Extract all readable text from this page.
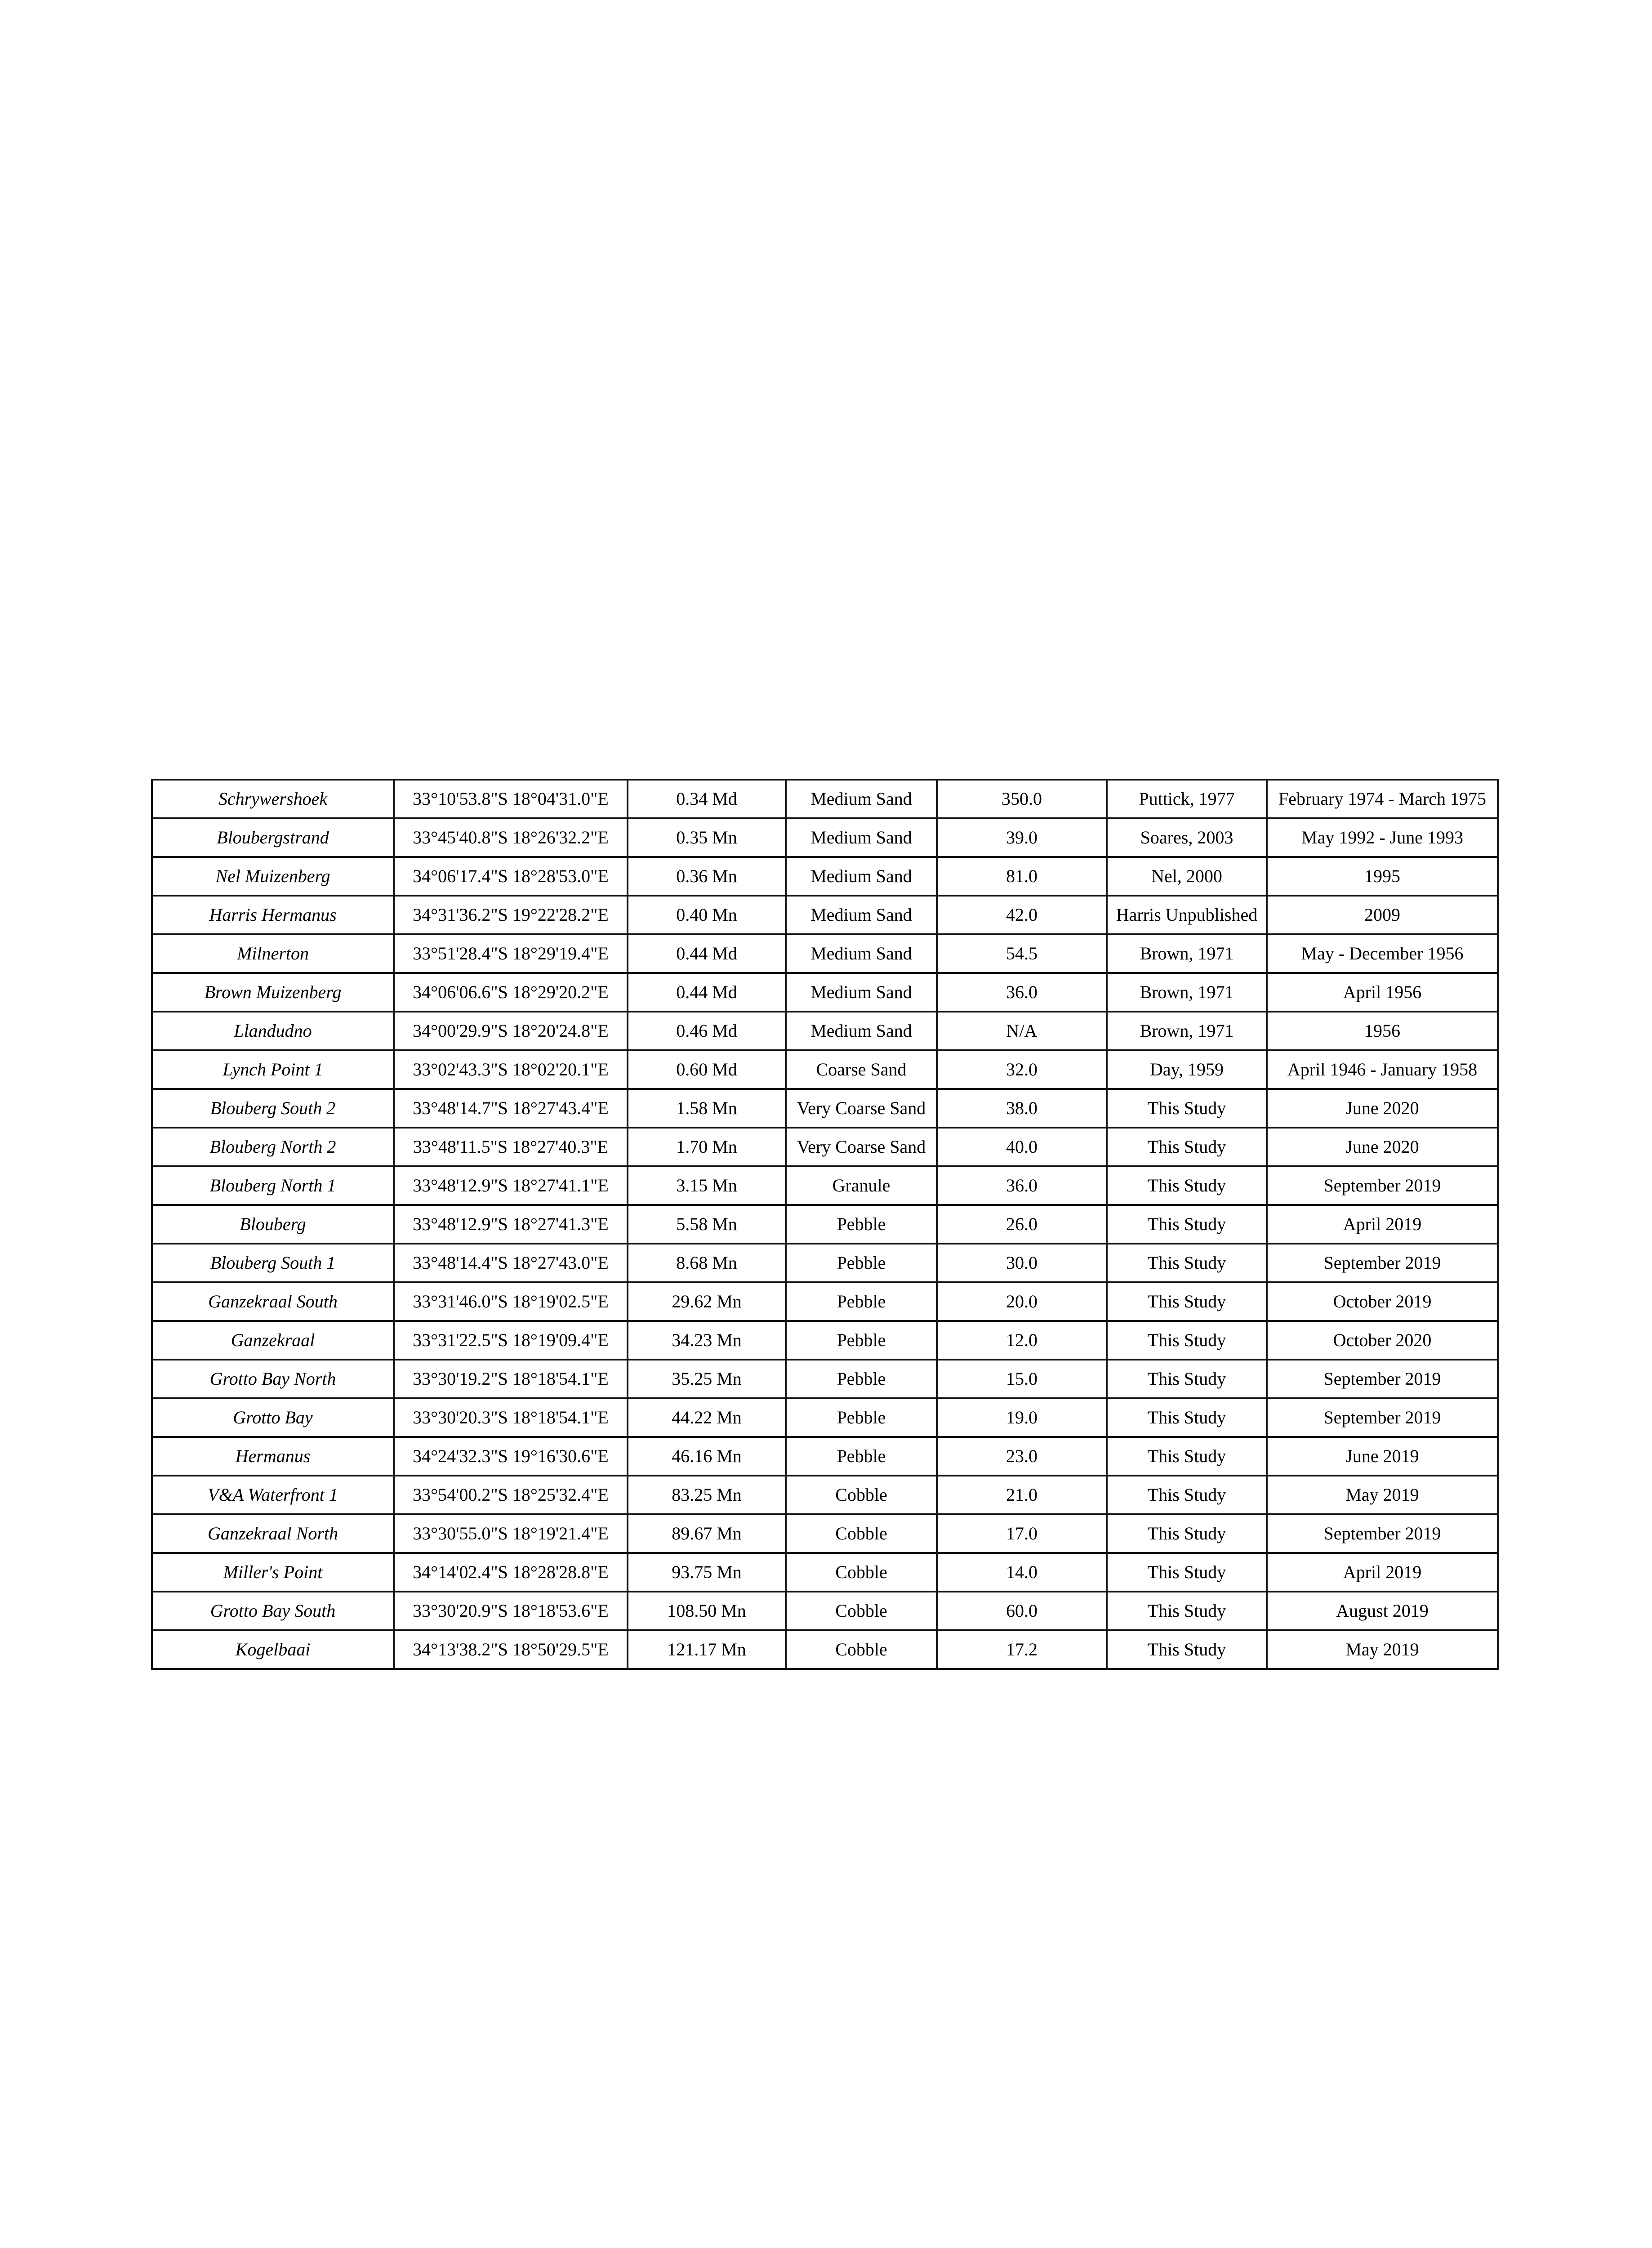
Schrywershoek	33°10'53.8"S 18°04'31.0"E	0.34 Md	Medium Sand	350.0	Puttick, 1977	February 1974 - March 1975
Bloubergstrand	33°45'40.8"S 18°26'32.2"E	0.35 Mn	Medium Sand	39.0	Soares, 2003	May 1992 - June 1993
Nel Muizenberg	34°06'17.4"S 18°28'53.0"E	0.36 Mn	Medium Sand	81.0	Nel, 2000	1995
Harris Hermanus	34°31'36.2"S 19°22'28.2"E	0.40 Mn	Medium Sand	42.0	Harris Unpublished	2009
Milnerton	33°51'28.4"S 18°29'19.4"E	0.44 Md	Medium Sand	54.5	Brown, 1971	May - December 1956
Brown Muizenberg	34°06'06.6"S 18°29'20.2"E	0.44 Md	Medium Sand	36.0	Brown, 1971	April 1956
Llandudno	34°00'29.9"S 18°20'24.8"E	0.46 Md	Medium Sand	N/A	Brown, 1971	1956
Lynch Point 1	33°02'43.3"S 18°02'20.1"E	0.60 Md	Coarse Sand	32.0	Day, 1959	April 1946 - January 1958
Blouberg South 2	33°48'14.7"S 18°27'43.4"E	1.58 Mn	Very Coarse Sand	38.0	This Study	June 2020
Blouberg North 2	33°48'11.5"S 18°27'40.3"E	1.70 Mn	Very Coarse Sand	40.0	This Study	June 2020
Blouberg North 1	33°48'12.9"S 18°27'41.1"E	3.15 Mn	Granule	36.0	This Study	September 2019
Blouberg	33°48'12.9"S 18°27'41.3"E	5.58 Mn	Pebble	26.0	This Study	April 2019
Blouberg South 1	33°48'14.4"S 18°27'43.0"E	8.68 Mn	Pebble	30.0	This Study	September 2019
Ganzekraal South	33°31'46.0"S 18°19'02.5"E	29.62 Mn	Pebble	20.0	This Study	October 2019
Ganzekraal	33°31'22.5"S 18°19'09.4"E	34.23 Mn	Pebble	12.0	This Study	October 2020
Grotto Bay North	33°30'19.2"S 18°18'54.1"E	35.25 Mn	Pebble	15.0	This Study	September 2019
Grotto Bay	33°30'20.3"S 18°18'54.1"E	44.22 Mn	Pebble	19.0	This Study	September 2019
Hermanus	34°24'32.3"S 19°16'30.6"E	46.16 Mn	Pebble	23.0	This Study	June 2019
V&A Waterfront 1	33°54'00.2"S 18°25'32.4"E	83.25 Mn	Cobble	21.0	This Study	May 2019
Ganzekraal North	33°30'55.0"S 18°19'21.4"E	89.67 Mn	Cobble	17.0	This Study	September 2019
Miller's Point	34°14'02.4"S 18°28'28.8"E	93.75 Mn	Cobble	14.0	This Study	April 2019
Grotto Bay South	33°30'20.9"S 18°18'53.6"E	108.50 Mn	Cobble	60.0	This Study	August 2019
Kogelbaai	34°13'38.2"S 18°50'29.5"E	121.17 Mn	Cobble	17.2	This Study	May 2019
